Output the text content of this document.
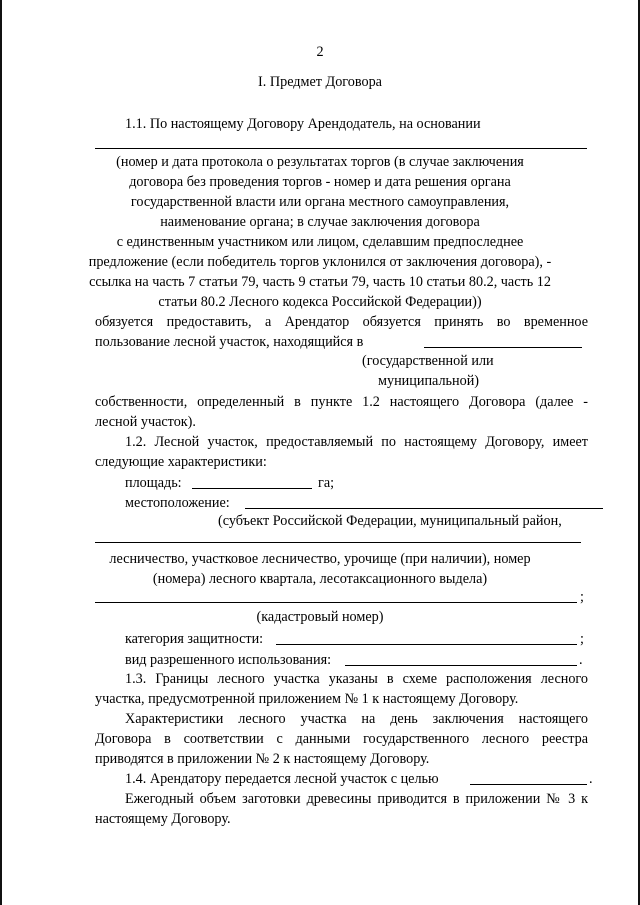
2
I. Предмет Договора
1.1. По настоящему Договору Арендодатель, на основании
(номер и дата протокола о результатах торгов (в случае заключения
договора без проведения торгов - номер и дата решения органа
государственной власти или органа местного самоуправления,
наименование органа; в случае заключения договора
с единственным участником или лицом, сделавшим предпоследнее
предложение (если победитель торгов уклонился от заключения договора), -
ссылка на часть 7 статьи 79, часть 9 статьи 79, часть 10 статьи 80.2, часть 12
статьи 80.2 Лесного кодекса Российской Федерации))
обязуется предоставить, а Арендатор обязуется принять во временное
пользование лесной участок, находящийся в
(государственной или
муниципальной)
собственности, определенный в пункте 1.2 настоящего Договора (далее -
лесной участок).
1.2. Лесной участок, предоставляемый по настоящему Договору, имеет
следующие характеристики:
площадь:	га;
местоположение:
(субъект Российской Федерации, муниципальный район,
лесничество, участковое лесничество, урочище (при наличии), номер
(номера) лесного квартала, лесотаксационного выдела)
;
(кадастровый номер)
категория защитности:	;
вид разрешенного использования:	.
1.3. Границы лесного участка указаны в схеме расположения лесного
участка, предусмотренной приложением № 1 к настоящему Договору.
Характеристики лесного участка на день заключения настоящего
Договора в соответствии с данными государственного лесного реестра
приводятся в приложении № 2 к настоящему Договору.
1.4. Арендатору передается лесной участок с целью	.
Ежегодный объем заготовки древесины приводится в приложении № 3 к
настоящему Договору.
